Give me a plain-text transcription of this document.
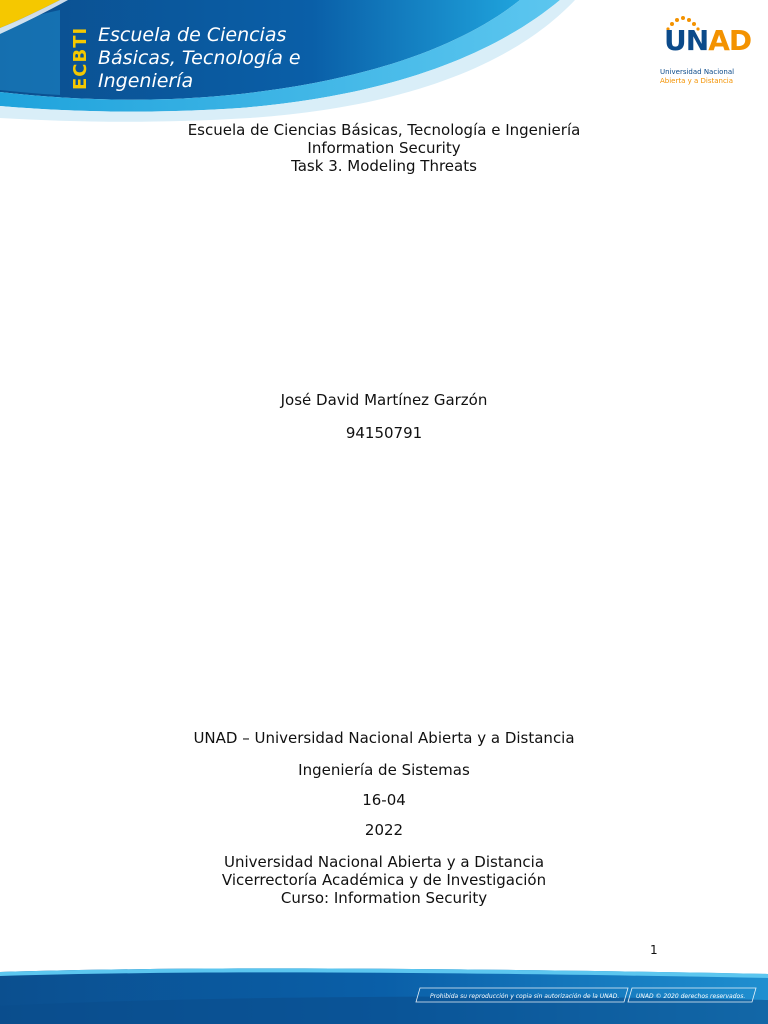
ECBTI Escuela de Ciencias
Básicas, Tecnología e
Ingeniería
UNAD
Universidad Nacional
Abierta y a Distancia
Escuela de Ciencias Básicas, Tecnología e Ingeniería
Information Security
Task 3. Modeling Threats
José David Martínez Garzón
94150791
UNAD – Universidad Nacional Abierta y a Distancia
Ingeniería de Sistemas
16-04
2022
Universidad Nacional Abierta y a Distancia
Vicerrectoría Académica y de Investigación
Curso: Information Security
1
Prohibida su reproducción y copia sin autorización de la UNAD.	UNAD © 2020 derechos reservados.
